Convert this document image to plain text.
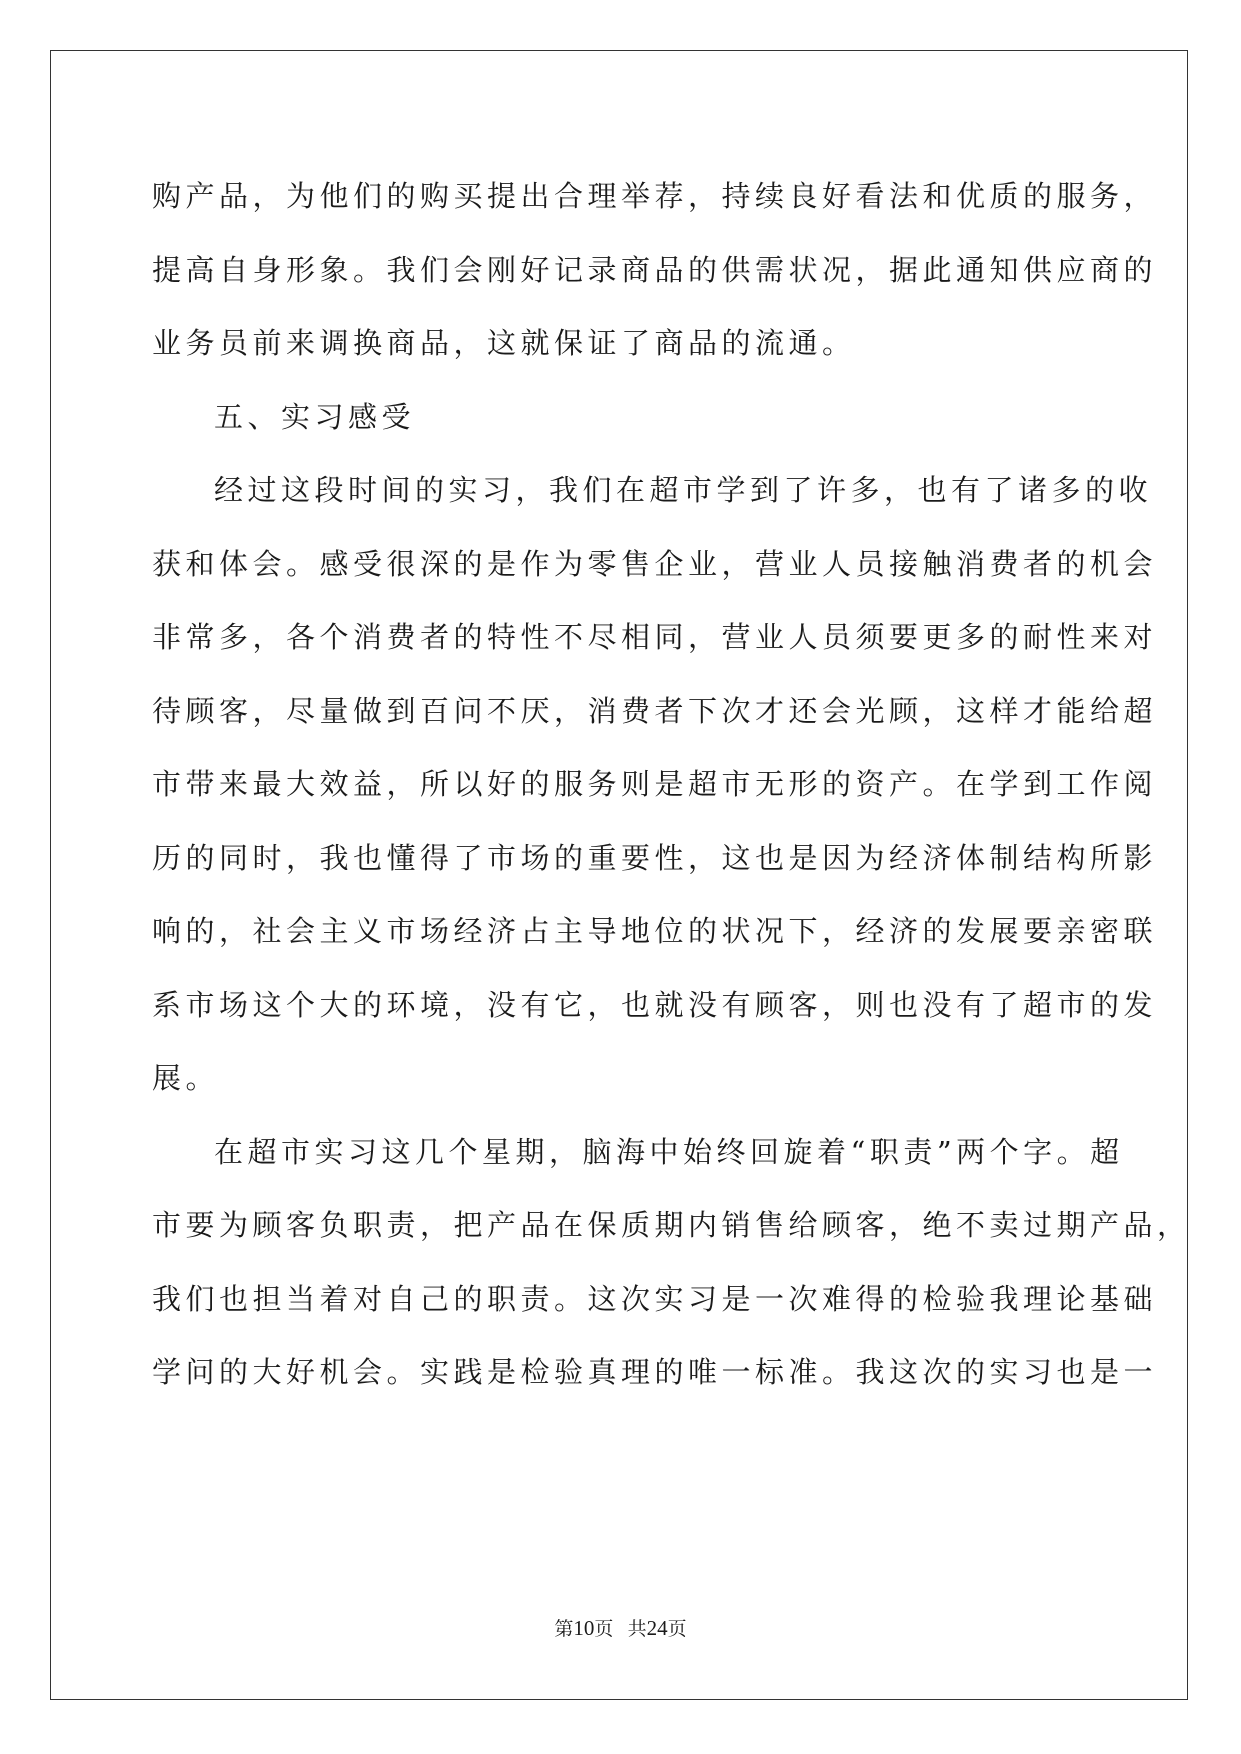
购产品，为他们的购买提出合理举荐，持续良好看法和优质的服务，
提高自身形象。我们会刚好记录商品的供需状况，据此通知供应商的
业务员前来调换商品，这就保证了商品的流通。
五、实习感受
经过这段时间的实习，我们在超市学到了许多，也有了诸多的收
获和体会。感受很深的是作为零售企业，营业人员接触消费者的机会
非常多，各个消费者的特性不尽相同，营业人员须要更多的耐性来对
待顾客，尽量做到百问不厌，消费者下次才还会光顾，这样才能给超
市带来最大效益，所以好的服务则是超市无形的资产。在学到工作阅
历的同时，我也懂得了市场的重要性，这也是因为经济体制结构所影
响的，社会主义市场经济占主导地位的状况下，经济的发展要亲密联
系市场这个大的环境，没有它，也就没有顾客，则也没有了超市的发
展。
在超市实习这几个星期，脑海中始终回旋着“职责”两个字。超
市要为顾客负职责，把产品在保质期内销售给顾客，绝不卖过期产品，
我们也担当着对自己的职责。这次实习是一次难得的检验我理论基础
学问的大好机会。实践是检验真理的唯一标准。我这次的实习也是一
第10页 共24页
